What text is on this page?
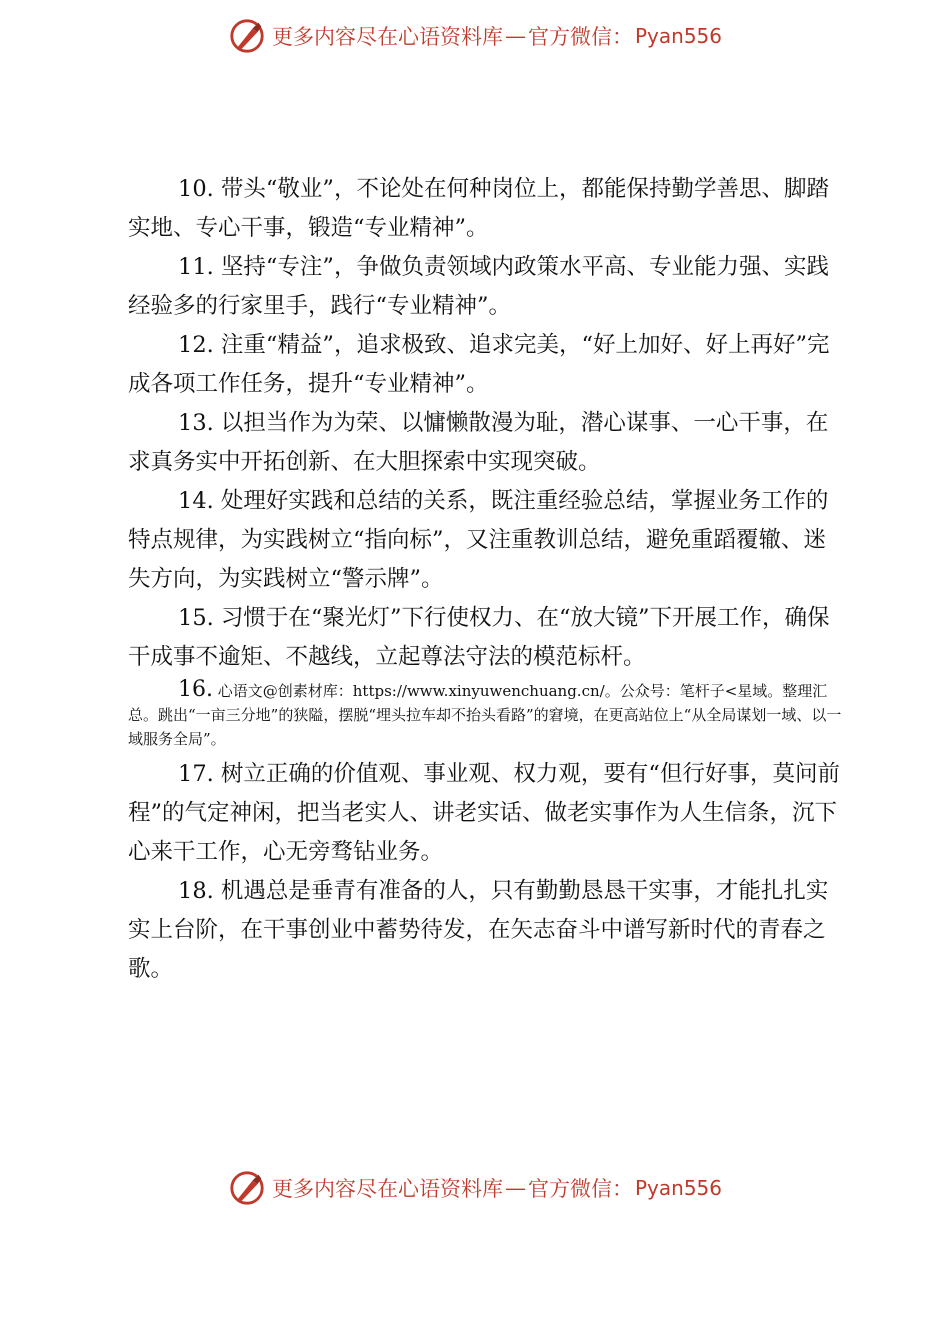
更多内容尽在心语资料库 — 官方微信： Pyan556

10. 带头“敬业”，不论处在何种岗位上，都能保持勤学善思、脚踏实地、专心干事，锻造“专业精神”。

11. 坚持“专注”，争做负责领域内政策水平高、专业能力强、实践经验多的行家里手，践行“专业精神”。

12. 注重“精益”，追求极致、追求完美，“好上加好、好上再好”完成各项工作任务，提升“专业精神”。

13. 以担当作为为荣、以慵懒散漫为耻，潜心谋事、一心干事，在求真务实中开拓创新、在大胆探索中实现突破。

14. 处理好实践和总结的关系，既注重经验总结，掌握业务工作的特点规律，为实践树立“指向标”，又注重教训总结，避免重蹈覆辙、迷失方向，为实践树立“警示牌”。

15. 习惯于在“聚光灯”下行使权力、在“放大镜”下开展工作，确保干成事不逾矩、不越线，立起尊法守法的模范标杆。

16. 心语文@创素材库：https://www.xinyuwenchuang.cn/。公众号：笔杆子<星域。整理汇总。跳出“一亩三分地”的狭隘，摆脱“埋头拉车却不抬头看路”的窘境，在更高站位上“从全局谋划一域、以一域服务全局”。

17. 树立正确的价值观、事业观、权力观，要有“但行好事，莫问前程”的气定神闲，把当老实人、讲老实话、做老实事作为人生信条，沉下心来干工作，心无旁骛钻业务。

18. 机遇总是垂青有准备的人，只有勤勤恳恳干实事，才能扎扎实实上台阶，在干事创业中蓄势待发，在矢志奋斗中谱写新时代的青春之歌。

更多内容尽在心语资料库 — 官方微信： Pyan556
